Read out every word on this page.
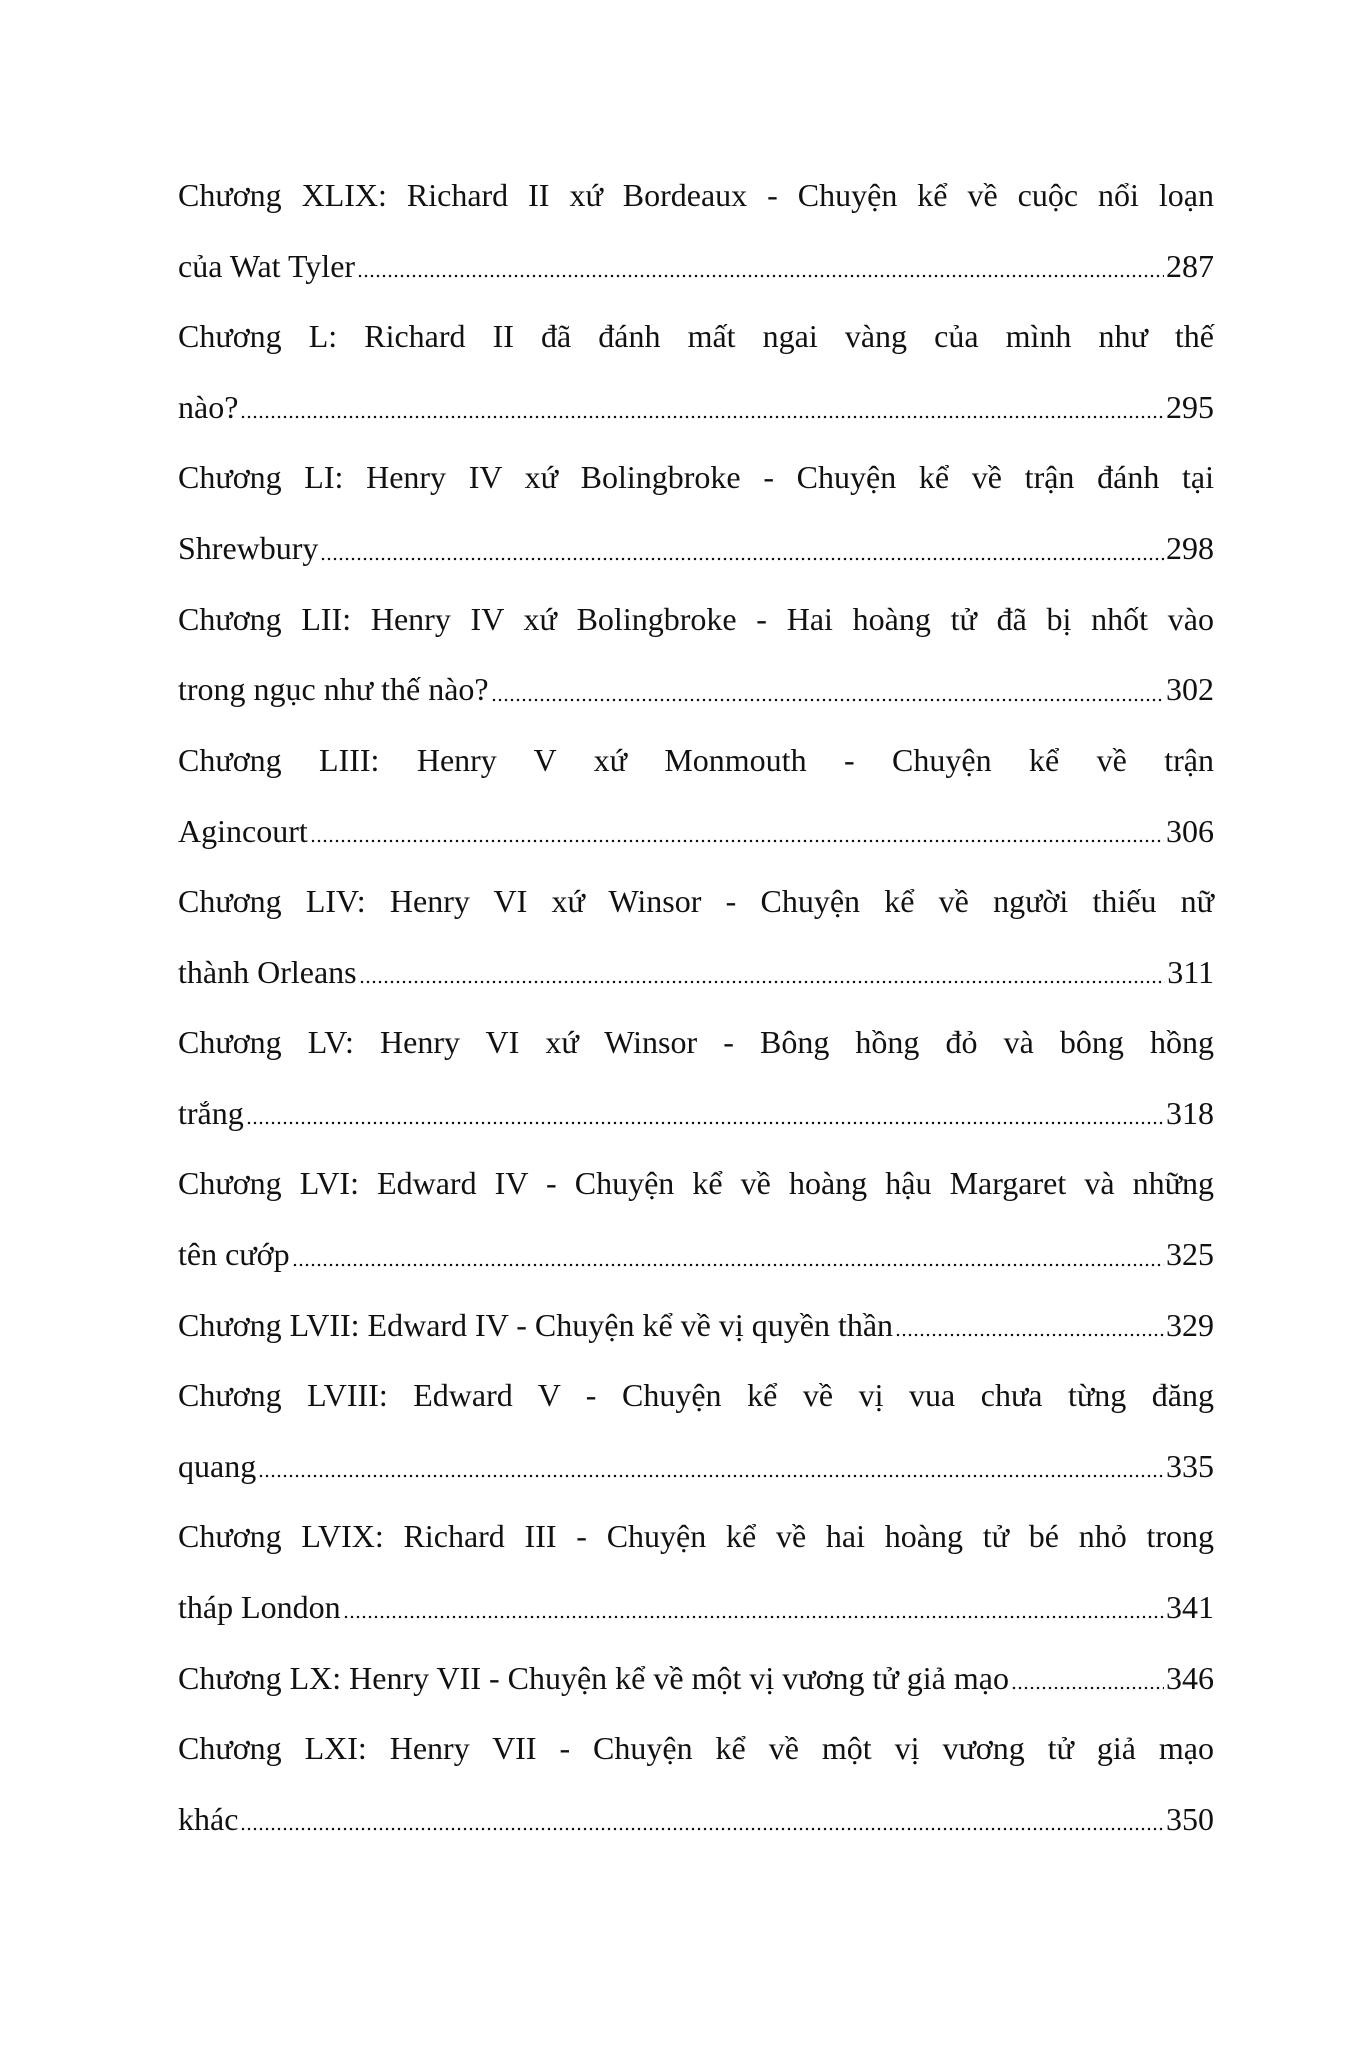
Chương XLIX: Richard II xứ Bordeaux - Chuyện kể về cuộc nổi loạn
của Wat Tyler	287
Chương L: Richard II đã đánh mất ngai vàng của mình như thế
nào?	295
Chương LI: Henry IV xứ Bolingbroke - Chuyện kể về trận đánh tại
Shrewbury	298
Chương LII: Henry IV xứ Bolingbroke - Hai hoàng tử đã bị nhốt vào
trong ngục như thế nào?	302
Chương LIII: Henry V xứ Monmouth - Chuyện kể về trận
Agincourt	306
Chương LIV: Henry VI xứ Winsor - Chuyện kể về người thiếu nữ
thành Orleans	311
Chương LV: Henry VI xứ Winsor - Bông hồng đỏ và bông hồng
trắng	318
Chương LVI: Edward IV - Chuyện kể về hoàng hậu Margaret và những
tên cướp	325
Chương LVII: Edward IV - Chuyện kể về vị quyền thần	329
Chương LVIII: Edward V - Chuyện kể về vị vua chưa từng đăng
quang	335
Chương LVIX: Richard III - Chuyện kể về hai hoàng tử bé nhỏ trong
tháp London	341
Chương LX: Henry VII - Chuyện kể về một vị vương tử giả mạo	346
Chương LXI: Henry VII - Chuyện kể về một vị vương tử giả mạo
khác	350
